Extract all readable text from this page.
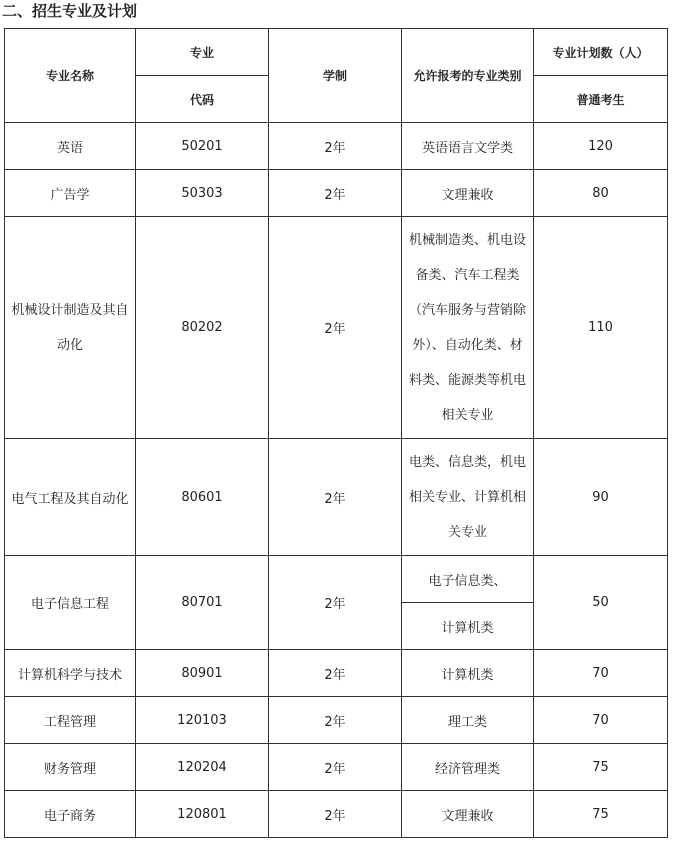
二、招生专业及计划
专业名称	专业	学制	允许报考的专业类别	专业计划数（人）
	代码			普通考生
英语	50201	2年	英语语言文学类	120
广告学	50303	2年	文理兼收	80
机械设计制造及其自动化	80202	2年	机械制造类、机电设备类、汽车工程类（汽车服务与营销除外）、自动化类、材料类、能源类等机电相关专业	110
电气工程及其自动化	80601	2年	电类、信息类，机电相关专业、计算机相关专业	90
电子信息工程	80701	2年	电子信息类、	50
			计算机类	
计算机科学与技术	80901	2年	计算机类	70
工程管理	120103	2年	理工类	70
财务管理	120204	2年	经济管理类	75
电子商务	120801	2年	文理兼收	75
